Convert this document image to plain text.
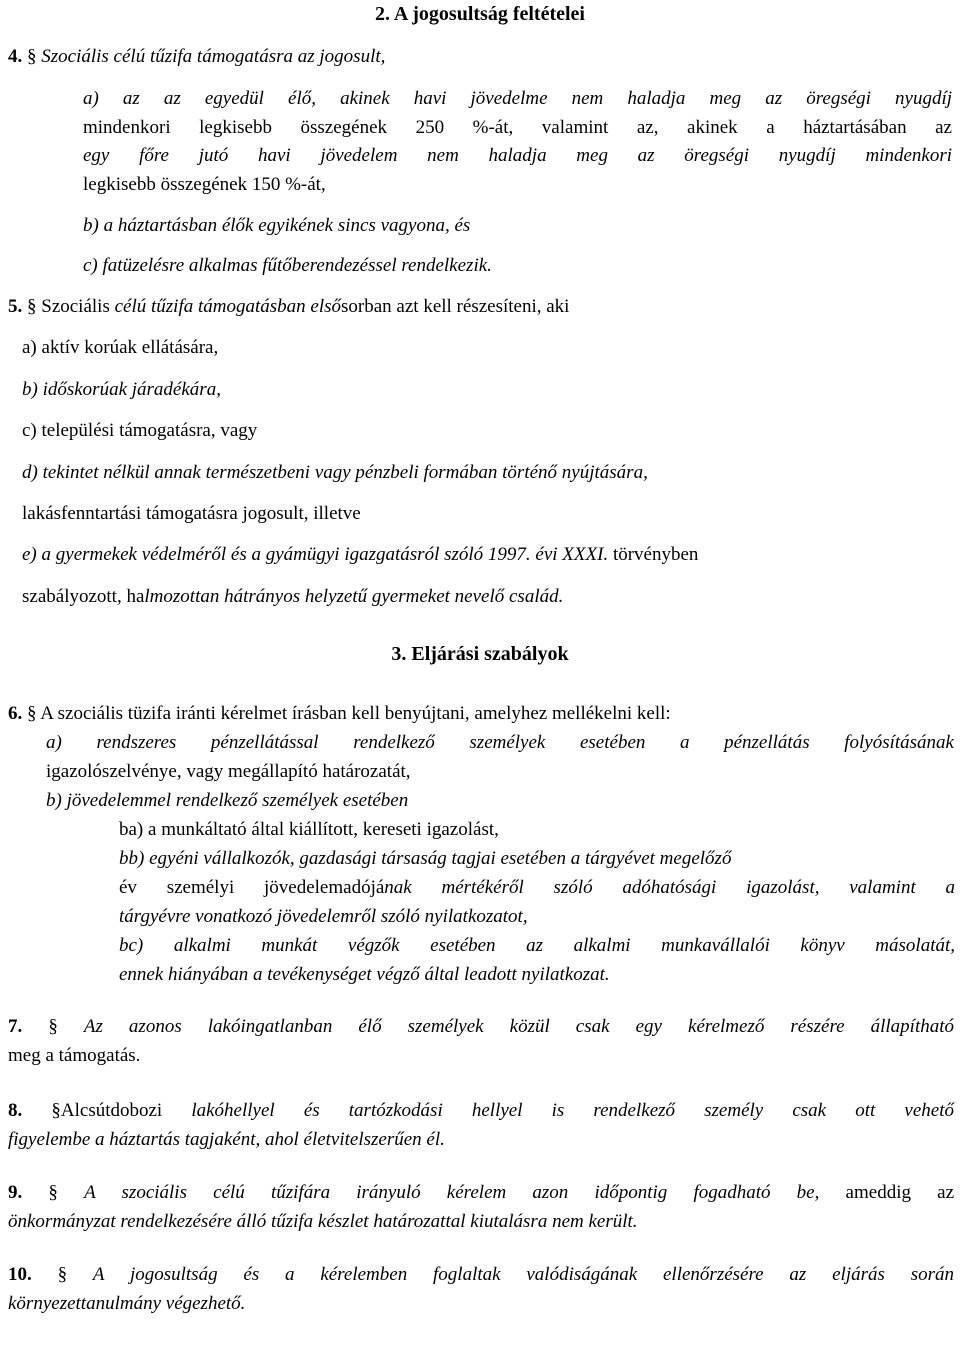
2. A jogosultság feltételei
4. § Szociális célú tűzifa támogatásra az jogosult,
a) az az egyedül élő, akinek havi jövedelme nem haladja meg az öregségi nyugdíj
mindenkori legkisebb összegének 250 %-át, valamint az, akinek a háztartásában az
egy főre jutó havi jövedelem nem haladja meg az öregségi nyugdíj mindenkori
legkisebb összegének 150 %-át,
b) a háztartásban élők egyikének sincs vagyona, és
c) fatüzelésre alkalmas fűtőberendezéssel rendelkezik.
5. § Szociális célú tűzifa támogatásban elsősorban azt kell részesíteni, aki
a) aktív korúak ellátására,
b) időskorúak járadékára,
c) települési támogatásra, vagy
d) tekintet nélkül annak természetbeni vagy pénzbeli formában történő nyújtására,
lakásfenntartási támogatásra jogosult, illetve
e) a gyermekek védelméről és a gyámügyi igazgatásról szóló 1997. évi XXXI. törvényben
szabályozott, halmozottan hátrányos helyzetű gyermeket nevelő család.
3. Eljárási szabályok
6. § A szociális tüzifa iránti kérelmet írásban kell benyújtani, amelyhez mellékelni kell:
a) rendszeres pénzellátással rendelkező személyek esetében a pénzellátás folyósításának
igazolószelvénye, vagy megállapító határozatát,
b) jövedelemmel rendelkező személyek esetében
ba) a munkáltató által kiállított, kereseti igazolást,
bb) egyéni vállalkozók, gazdasági társaság tagjai esetében a tárgyévet megelőző
év személyi jövedelemadójának mértékéről szóló adóhatósági igazolást, valamint a
tárgyévre vonatkozó jövedelemről szóló nyilatkozatot,
bc) alkalmi munkát végzők esetében az alkalmi munkavállalói könyv másolatát,
ennek hiányában a tevékenységet végző által leadott nyilatkozat.
7. § Az azonos lakóingatlanban élő személyek közül csak egy kérelmező részére állapítható
meg a támogatás.
8. §Alcsútdobozi lakóhellyel és tartózkodási hellyel is rendelkező személy csak ott vehető
figyelembe a háztartás tagjaként, ahol életvitelszerűen él.
9. § A szociális célú tűzifára irányuló kérelem azon időpontig fogadható be, ameddig az
önkormányzat rendelkezésére álló tűzifa készlet határozattal kiutalásra nem került.
10. § A jogosultság és a kérelemben foglaltak valódiságának ellenőrzésére az eljárás során
környezettanulmány végezhető.
